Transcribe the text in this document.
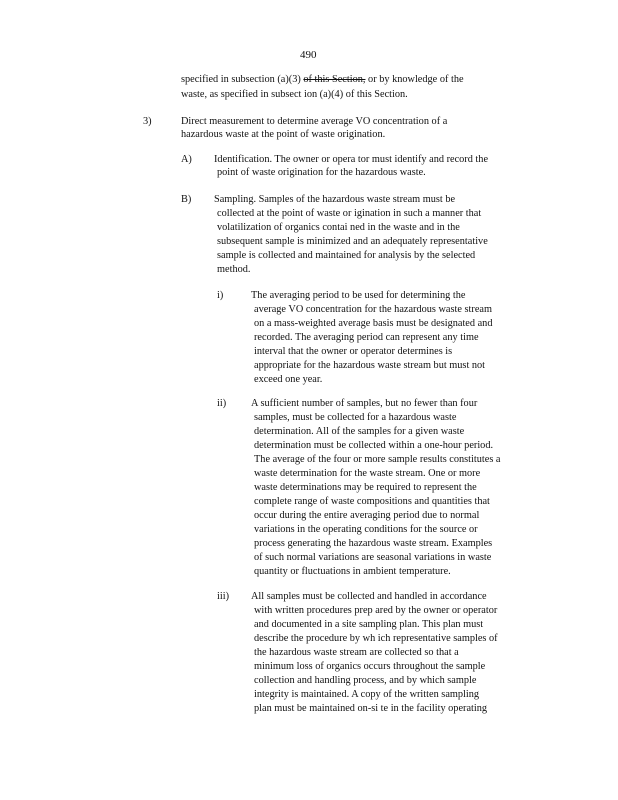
490
specified in subsection (a)(3) of this Section, or by knowledge of the
waste, as specified in subsect ion (a)(4) of this Section.
3)	Direct measurement to determine average VO concentration of a
hazardous waste at the point of waste origination.
A) Identification. The owner or opera tor must identify and record the
point of waste origination for the hazardous waste.
B) Sampling. Samples of the hazardous waste stream must be
collected at the point of waste or igination in such a manner that
volatilization of organics contai ned in the waste and in the
subsequent sample is minimized and an adequately representative
sample is collected and maintained for analysis by the selected
method.
i)	The averaging period to be used for determining the
average VO concentration for the hazardous waste stream
on a mass-weighted average basis must be designated and
recorded. The averaging period can represent any time
interval that the owner or operator determines is
appropriate for the hazardous waste stream but must not
exceed one year.
ii) A sufficient number of samples, but no fewer than four
samples, must be collected for a hazardous waste
determination. All of the samples for a given waste
determination must be collected within a one-hour period.
The average of the four or more sample results constitutes a
waste determination for the waste stream. One or more
waste determinations may be required to represent the
complete range of waste compositions and quantities that
occur during the entire averaging period due to normal
variations in the operating conditions for the source or
process generating the hazardous waste stream. Examples
of such normal variations are seasonal variations in waste
quantity or fluctuations in ambient temperature.
iii) All samples must be collected and handled in accordance
with written procedures prep ared by the owner or operator
and documented in a site sampling plan. This plan must
describe the procedure by wh ich representative samples of
the hazardous waste stream are collected so that a
minimum loss of organics occurs throughout the sample
collection and handling process, and by which sample
integrity is maintained. A copy of the written sampling
plan must be maintained on-si te in the facility operating
